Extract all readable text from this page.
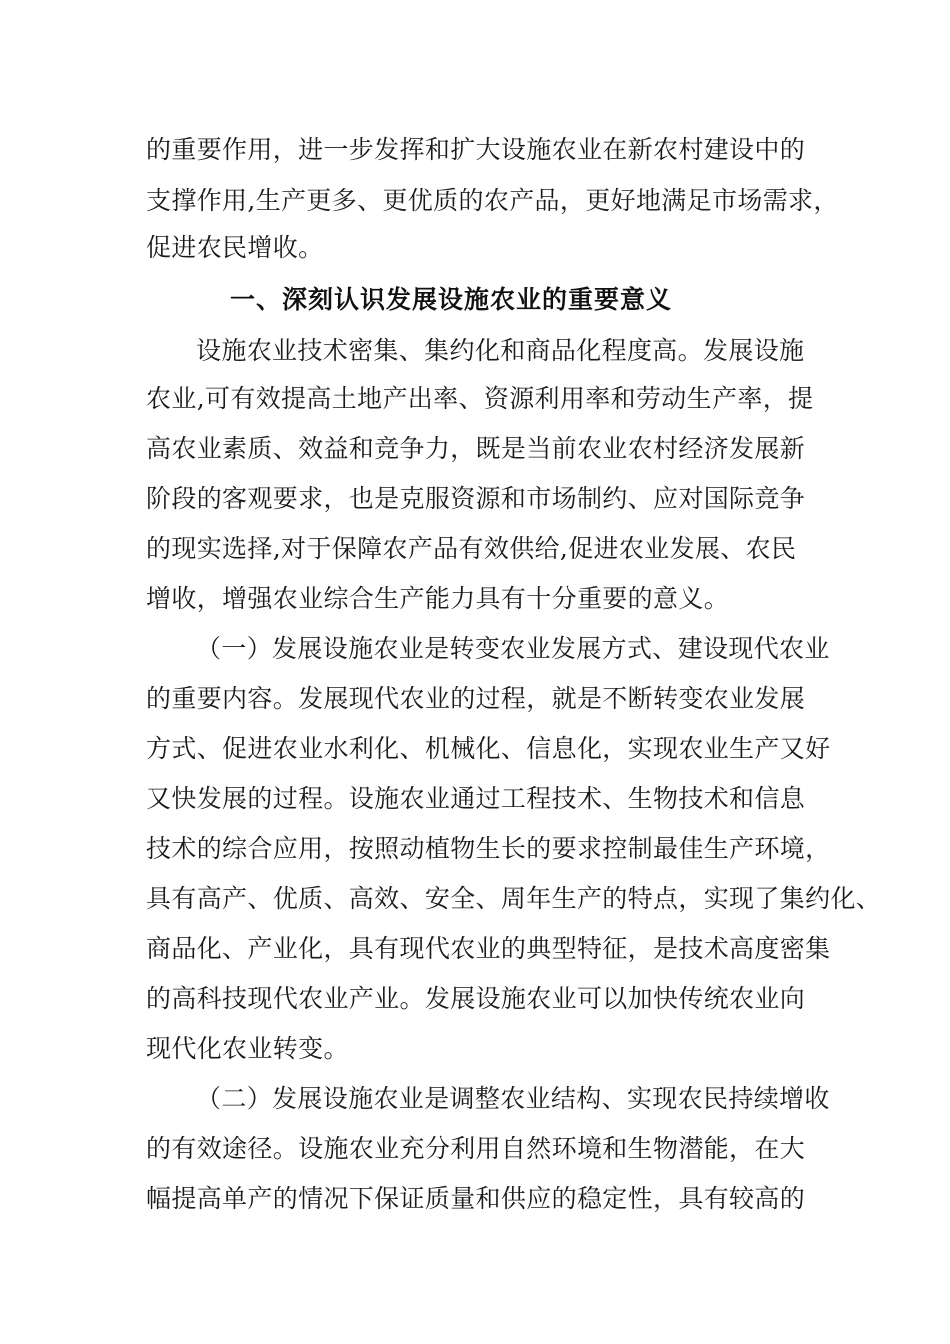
的重要作用，进一步发挥和扩大设施农业在新农村建设中的
支撑作用,生产更多、更优质的农产品，更好地满足市场需求，
促进农民增收。
一、深刻认识发展设施农业的重要意义
设施农业技术密集、集约化和商品化程度高。发展设施
农业,可有效提高土地产出率、资源利用率和劳动生产率，提
高农业素质、效益和竞争力，既是当前农业农村经济发展新
阶段的客观要求，也是克服资源和市场制约、应对国际竞争
的现实选择,对于保障农产品有效供给,促进农业发展、农民
增收，增强农业综合生产能力具有十分重要的意义。
（一）发展设施农业是转变农业发展方式、建设现代农业
的重要内容。发展现代农业的过程，就是不断转变农业发展
方式、促进农业水利化、机械化、信息化，实现农业生产又好
又快发展的过程。设施农业通过工程技术、生物技术和信息
技术的综合应用，按照动植物生长的要求控制最佳生产环境，
具有高产、优质、高效、安全、周年生产的特点，实现了集约化、
商品化、产业化，具有现代农业的典型特征，是技术高度密集
的高科技现代农业产业。发展设施农业可以加快传统农业向
现代化农业转变。
（二）发展设施农业是调整农业结构、实现农民持续增收
的有效途径。设施农业充分利用自然环境和生物潜能，在大
幅提高单产的情况下保证质量和供应的稳定性，具有较高的
